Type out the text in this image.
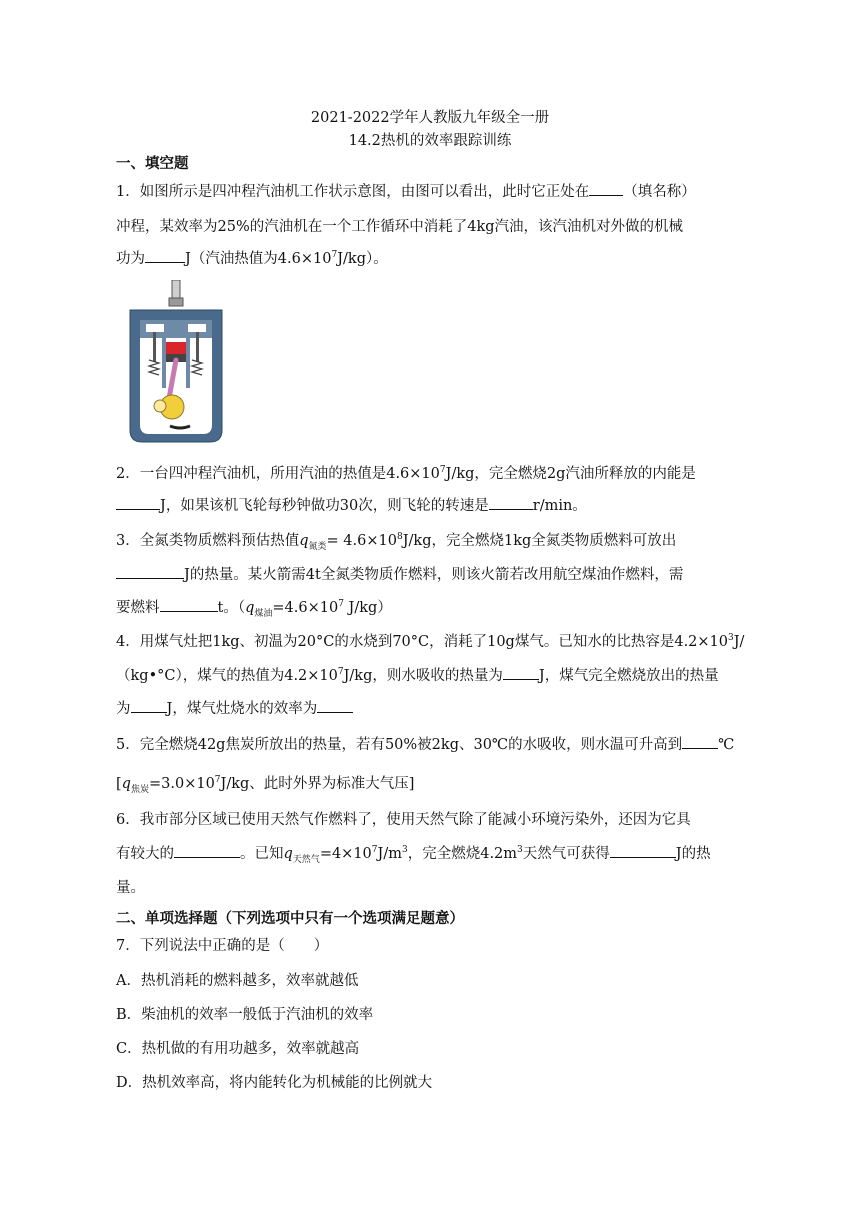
2021-2022学年人教版九年级全一册
14.2热机的效率跟踪训练
一、填空题
1．如图所示是四冲程汽油机工作状示意图，由图可以看出，此时它正处在 （填名称）
冲程，某效率为25%的汽油机在一个工作循环中消耗了4kg汽油，该汽油机对外做的机械
功为	J（汽油热值为$4.6\times 10^7J/kg$）。
2．一台四冲程汽油机，所用汽油的热值是$4.6\times 10^7J/kg$，完全燃烧2g汽油所释放的内能是
J，如果该机飞轮每秒钟做功30次，则飞轮的转速是	r/min。
3．全氮类物质燃料预估热值$q_{氮类}= 4.6\times 10^8J/kg$，完全燃烧1kg全氮类物质燃料可放出
J的热量。某火箭需4t全氮类物质作燃料，则该火箭若改用航空煤油作燃料，需
要燃料	t。（$q_{煤油}=4.6\times 10^7$ J/kg）
4．用煤气灶把1kg、初温为20°C的水烧到70°C，消耗了10g煤气。已知水的比热容是$4.2\times 10^3J/$
（kg•°C），煤气的热值为$4.2\times 10^7J/kg$，则水吸收的热量为 J，煤气完全燃烧放出的热量
为 J，煤气灶烧水的效率为
5．完全燃烧42g焦炭所放出的热量，若有50%被2kg、30℃的水吸收，则水温可升高到 ℃
[$q_{焦炭}=3.0\times 10^7J/kg$、此时外界为标准大气压]
6．我市部分区域已使用天然气作燃料了，使用天然气除了能减小环境污染外，还因为它具
有较大的	。已知$q_{天然气}=4\times 10^7J/m^3$，完全燃烧$4.2m^3$天然气可获得	J的热
量。
二、单项选择题（下列选项中只有一个选项满足题意）
7．下列说法中正确的是（　　）
A．热机消耗的燃料越多，效率就越低
B．柴油机的效率一般低于汽油机的效率
C．热机做的有用功越多，效率就越高
D．热机效率高，将内能转化为机械能的比例就大
